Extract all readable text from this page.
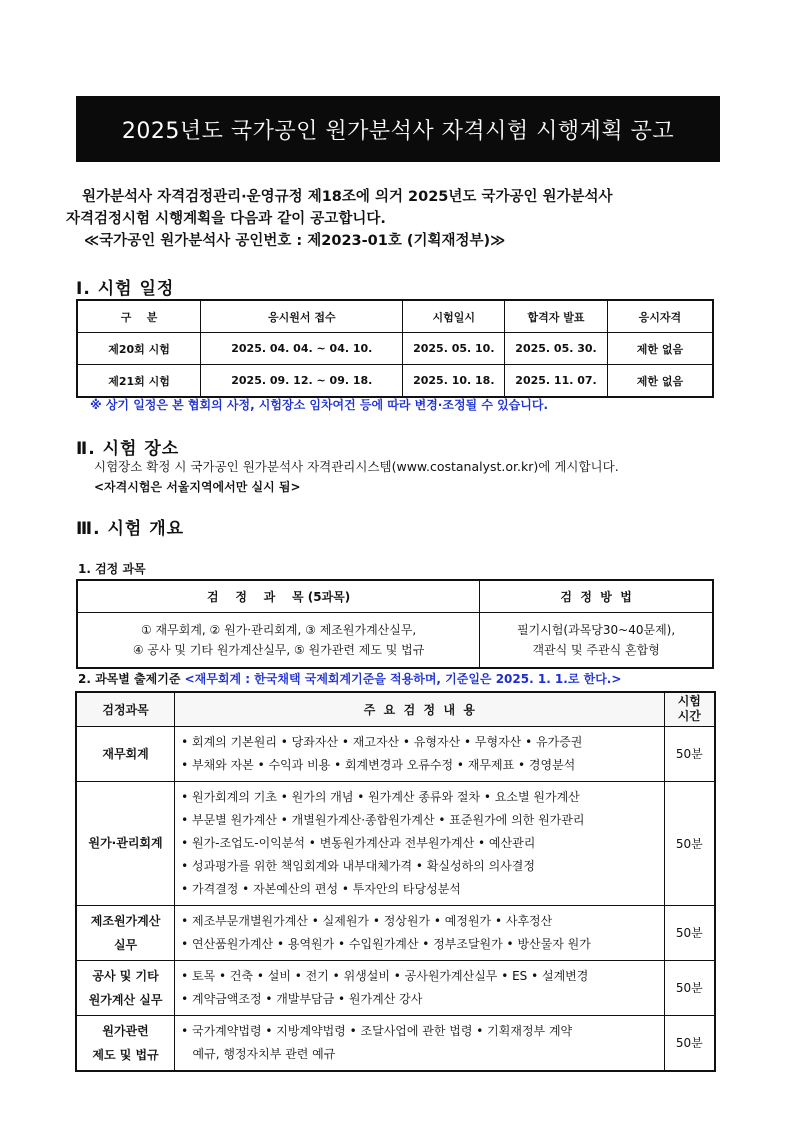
2025년도 국가공인 원가분석사 자격시험 시행계획 공고
원가분석사 자격검정관리·운영규정 제18조에 의거 2025년도 국가공인 원가분석사
자격검정시험 시행계획을 다음과 같이 공고합니다.
≪국가공인 원가분석사 공인번호 : 제2023-01호 (기획재정부)≫
Ⅰ. 시험 일정
구    분	응시원서 접수	시험일시	합격자 발표	응시자격
제20회 시험	2025. 04. 04. ~ 04. 10.	2025. 05. 10.	2025. 05. 30.	제한 없음
제21회 시험	2025. 09. 12. ~ 09. 18.	2025. 10. 18.	2025. 11. 07.	제한 없음
※ 상기 일정은 본 협회의 사정, 시험장소 임차여건 등에 따라 변경·조정될 수 있습니다.
Ⅱ. 시험 장소
시험장소 확정 시 국가공인 원가분석사 자격관리시스템(www.costanalyst.or.kr)에 게시합니다.
<자격시험은 서울지역에서만 실시 됨>
Ⅲ. 시험 개요
1. 검정 과목
검    정    과    목 (5과목)	검  정  방  법

① 재무회계, ② 원가·관리회계, ③ 제조원가계산실무,
④ 공사 및 기타 원가계산실무, ⑤ 원가관련 제도 및 법규	필기시험(과목당30~40문제),
객관식 및 주관식 혼합형
2. 과목별 출제기준 <재무회계 : 한국채택 국제회계기준을 적용하며, 기준일은 2025. 1. 1.로 한다.>
검정과목	주  요  검  정  내  용	시험
시간

재무회계	• 회계의 기본원리 • 당좌자산 • 재고자산 • 유형자산 • 무형자산 • 유가증권
• 부채와 자본 • 수익과 비용 • 회계변경과 오류수정 • 재무제표 • 경영분석	50분

원가·관리회계	• 원가회계의 기초 • 원가의 개념 • 원가계산 종류와 절차 • 요소별 원가계산
• 부문별 원가계산 • 개별원가계산·종합원가계산 • 표준원가에 의한 원가관리
• 원가-조업도-이익분석 • 변동원가계산과 전부원가계산 • 예산관리
• 성과평가를 위한 책임회계와 내부대체가격 • 확실성하의 의사결정
• 가격결정 • 자본예산의 편성 • 투자안의 타당성분석	50분

제조원가계산
실무	• 제조부문개별원가계산 • 실제원가 • 정상원가 • 예정원가 • 사후정산
• 연산품원가계산 • 용역원가 • 수입원가계산 • 정부조달원가 • 방산물자 원가	50분

공사 및 기타
원가계산 실무	• 토목 • 건축 • 설비 • 전기 • 위생설비 • 공사원가계산실무 • ES • 설계변경
• 계약금액조정 • 개발부담금 • 원가계산 강사	50분

원가관련
제도 및 법규	• 국가계약법령 • 지방계약법령 • 조달사업에 관한 법령 • 기획재정부 계약
예규, 행정자치부 관련 예규	50분
